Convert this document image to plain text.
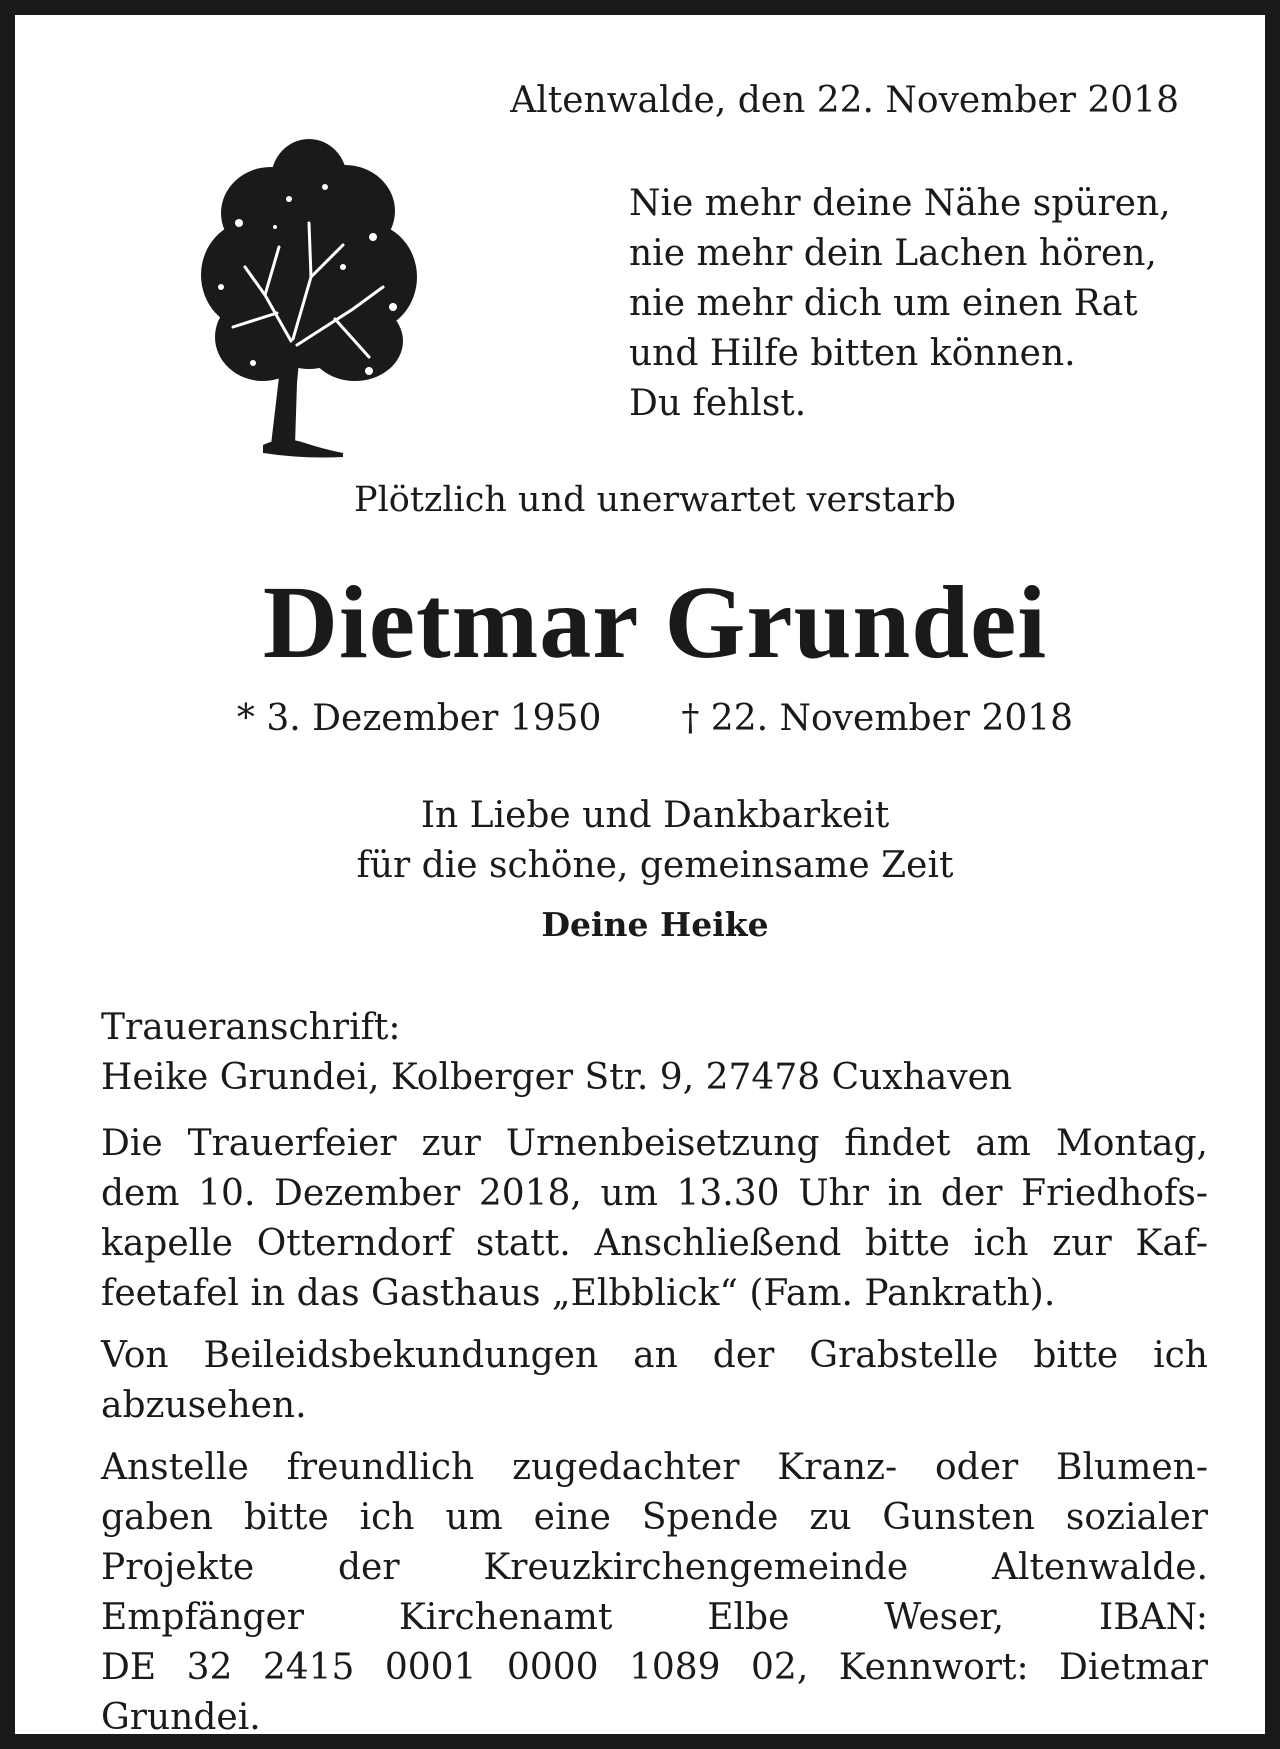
Altenwalde, den 22. November 2018

Nie mehr deine Nähe spüren,
nie mehr dein Lachen hören,
nie mehr dich um einen Rat
und Hilfe bitten können.
Du fehlst.

Plötzlich und unerwartet verstarb

Dietmar Grundei
* 3. Dezember 1950 † 22. November 2018
In Liebe und Dankbarkeit
für die schöne, gemeinsame Zeit

Deine Heike

Traueranschrift:
Heike Grundei, Kolberger Str. 9, 27478 Cuxhaven
Die Trauerfeier zur Urnenbeisetzung findet am Montag,
dem 10. Dezember 2018, um 13.30 Uhr in der Friedhofs-
kapelle Otterndorf statt. Anschließend bitte ich zur Kaf-
feetafel in das Gasthaus „Elbblick“ (Fam. Pankrath).
Von Beileidsbekundungen an der Grabstelle bitte ich
abzusehen.
Anstelle freundlich zugedachter Kranz- oder Blumen-
gaben bitte ich um eine Spende zu Gunsten sozialer
Projekte der Kreuzkirchengemeinde Altenwalde.
Empfänger Kirchenamt Elbe Weser, IBAN:
DE 32 2415 0001 0000 1089 02, Kennwort: Dietmar Grundei.
